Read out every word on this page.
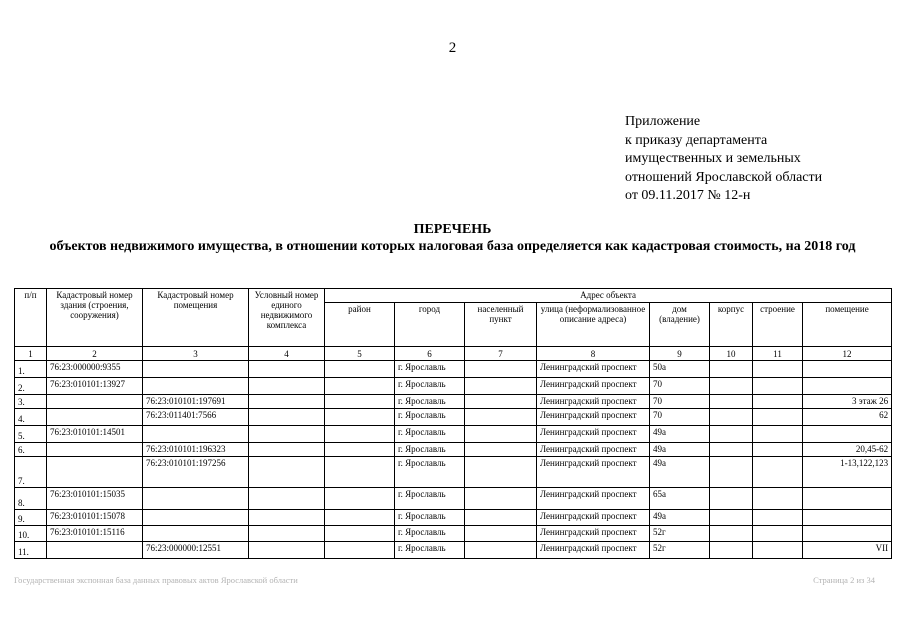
2
Приложение
к приказу департамента
имущественных и земельных
отношений Ярославской области
от 09.11.2017 № 12-н
ПЕРЕЧЕНЬ
объектов недвижимого имущества, в отношении которых налоговая база определяется как кадастровая стоимость, на 2018 год
п/п	Кадастровый номер здания (строения, сооружения)	Кадастровый номер помещения	Условный номер единого недвижимого комплекса	Адрес объекта							
				район	город	населенный пункт	улица (неформализованное описание адреса)	дом (владение)	корпус	строение	помещение
1	2	3	4	5	6	7	8	9	10	11	12
1.	76:23:000000:9355				г. Ярославль		Ленинградский проспект	50а			
2.	76:23:010101:13927				г. Ярославль		Ленинградский проспект	70			
3.		76:23:010101:197691			г. Ярославль		Ленинградский проспект	70			3 этаж 26
4.		76:23:011401:7566			г. Ярославль		Ленинградский проспект	70			62
5.	76:23:010101:14501				г. Ярославль		Ленинградский проспект	49а			
6.		76:23:010101:196323			г. Ярославль		Ленинградский проспект	49а			20,45-62
7.		76:23:010101:197256			г. Ярославль		Ленинградский проспект	49а			1-13,122,123
8.	76:23:010101:15035				г. Ярославль		Ленинградский проспект	65а			
9.	76:23:010101:15078				г. Ярославль		Ленинградский проспект	49а			
10.	76:23:010101:15116				г. Ярославль		Ленинградский проспект	52г			
11.		76:23:000000:12551			г. Ярославль		Ленинградский проспект	52г			VII
Государственная экспонная база данных правовых актов Ярославской области	Страница 2 из 34
